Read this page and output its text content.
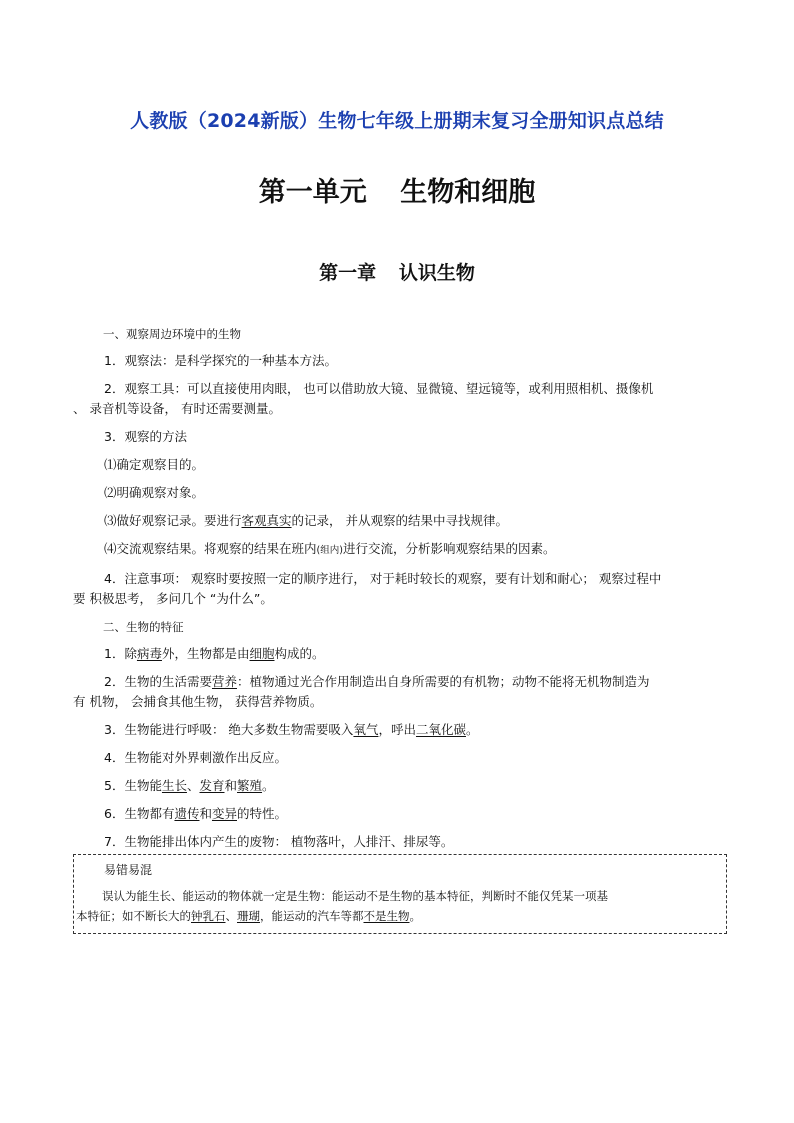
人教版（2024新版）生物七年级上册期末复习全册知识点总结
第一单元 生物和细胞
第一章 认识生物
一、观察周边环境中的生物
1．观察法：是科学探究的一种基本方法。
2．观察工具：可以直接使用肉眼， 也可以借助放大镜、显微镜、望远镜等，或利用照相机、摄像机
、 录音机等设备， 有时还需要测量。
3．观察的方法
⑴确定观察目的。
⑵明确观察对象。
⑶做好观察记录。要进行客观真实的记录， 并从观察的结果中寻找规律。
⑷交流观察结果。将观察的结果在班内(组内)进行交流，分析影响观察结果的因素。
4．注意事项： 观察时要按照一定的顺序进行， 对于耗时较长的观察，要有计划和耐心； 观察过程中
要 积极思考， 多问几个 “为什么”。
二、生物的特征
1．除病毒外，生物都是由细胞构成的。
2．生物的生活需要营养：植物通过光合作用制造出自身所需要的有机物；动物不能将无机物制造为
有 机物， 会捕食其他生物， 获得营养物质。
3．生物能进行呼吸： 绝大多数生物需要吸入氧气，呼出二氧化碳。
4．生物能对外界刺激作出反应。
5．生物能生长、发育和繁殖。
6．生物都有遗传和变异的特性。
7．生物能排出体内产生的废物： 植物落叶，人排汗、排尿等。
易错易混
误认为能生长、能运动的物体就一定是生物：能运动不是生物的基本特征，判断时不能仅凭某一项基
本特征；如不断长大的钟乳石、珊瑚，能运动的汽车等都不是生物。
